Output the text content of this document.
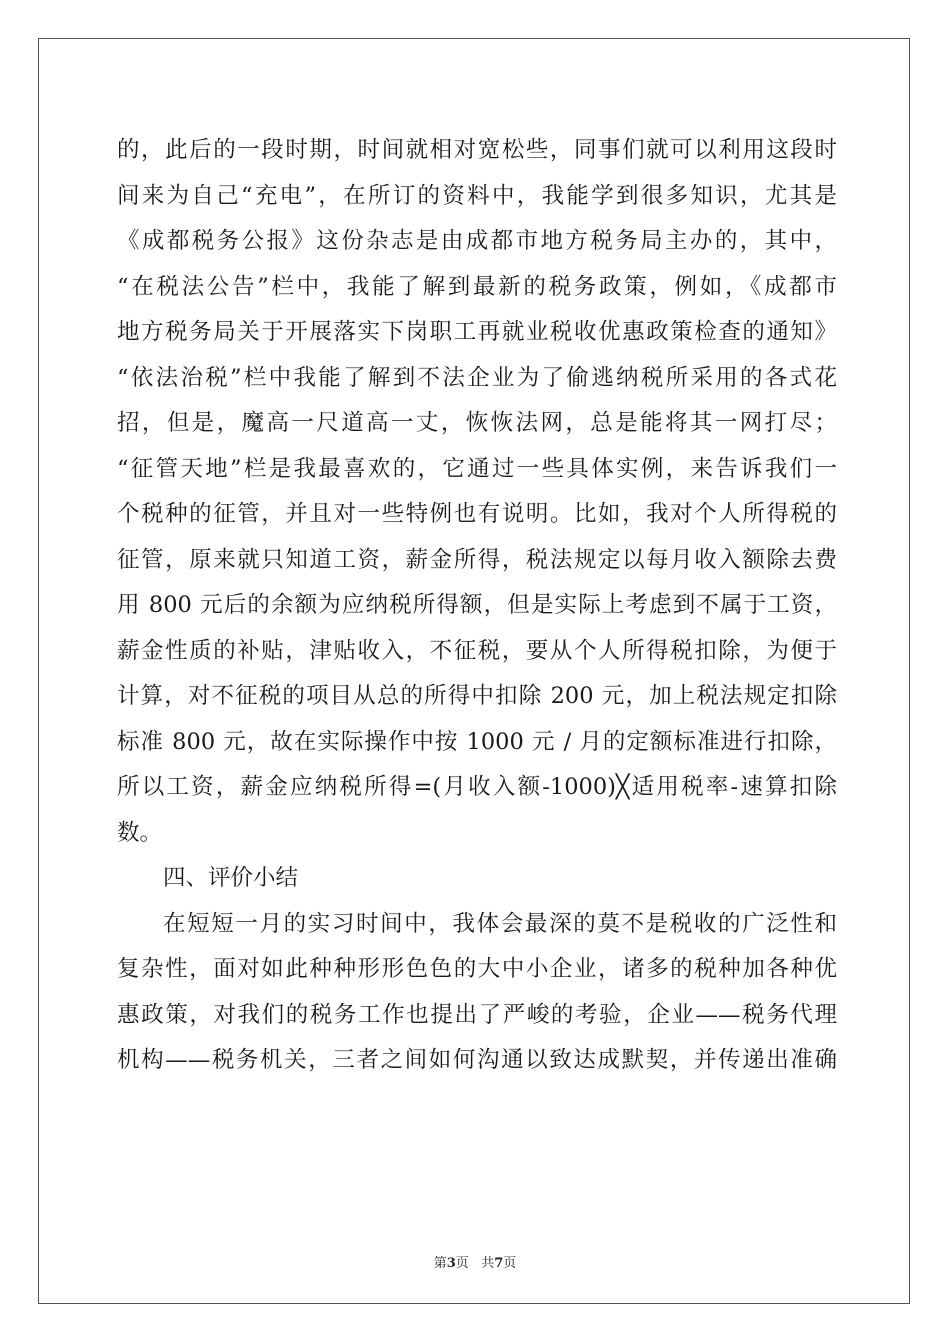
的，此后的一段时期，时间就相对宽松些，同事们就可以利用这段时
间来为自己“充电”，在所订的资料中，我能学到很多知识，尤其是
《成都税务公报》这份杂志是由成都市地方税务局主办的，其中，
“在税法公告”栏中，我能了解到最新的税务政策，例如，《成都市
地方税务局关于开展落实下岗职工再就业税收优惠政策检查的通知》
“依法治税”栏中我能了解到不法企业为了偷逃纳税所采用的各式花
招，但是，魔高一尺道高一丈，恢恢法网，总是能将其一网打尽；
“征管天地”栏是我最喜欢的，它通过一些具体实例，来告诉我们一
个税种的征管，并且对一些特例也有说明。比如，我对个人所得税的
征管，原来就只知道工资，薪金所得，税法规定以每月收入额除去费
用 800 元后的余额为应纳税所得额，但是实际上考虑到不属于工资，
薪金性质的补贴，津贴收入，不征税，要从个人所得税扣除，为便于
计算，对不征税的项目从总的所得中扣除 200 元，加上税法规定扣除
标准 800 元，故在实际操作中按 1000 元 / 月的定额标准进行扣除，
所以工资，薪金应纳税所得=(月收入额-1000)╳适用税率-速算扣除
数。
四、评价小结
在短短一月的实习时间中，我体会最深的莫不是税收的广泛性和
复杂性，面对如此种种形形色色的大中小企业，诸多的税种加各种优
惠政策，对我们的税务工作也提出了严峻的考验，企业——税务代理
机构——税务机关，三者之间如何沟通以致达成默契，并传递出准确
第3页 共7页
